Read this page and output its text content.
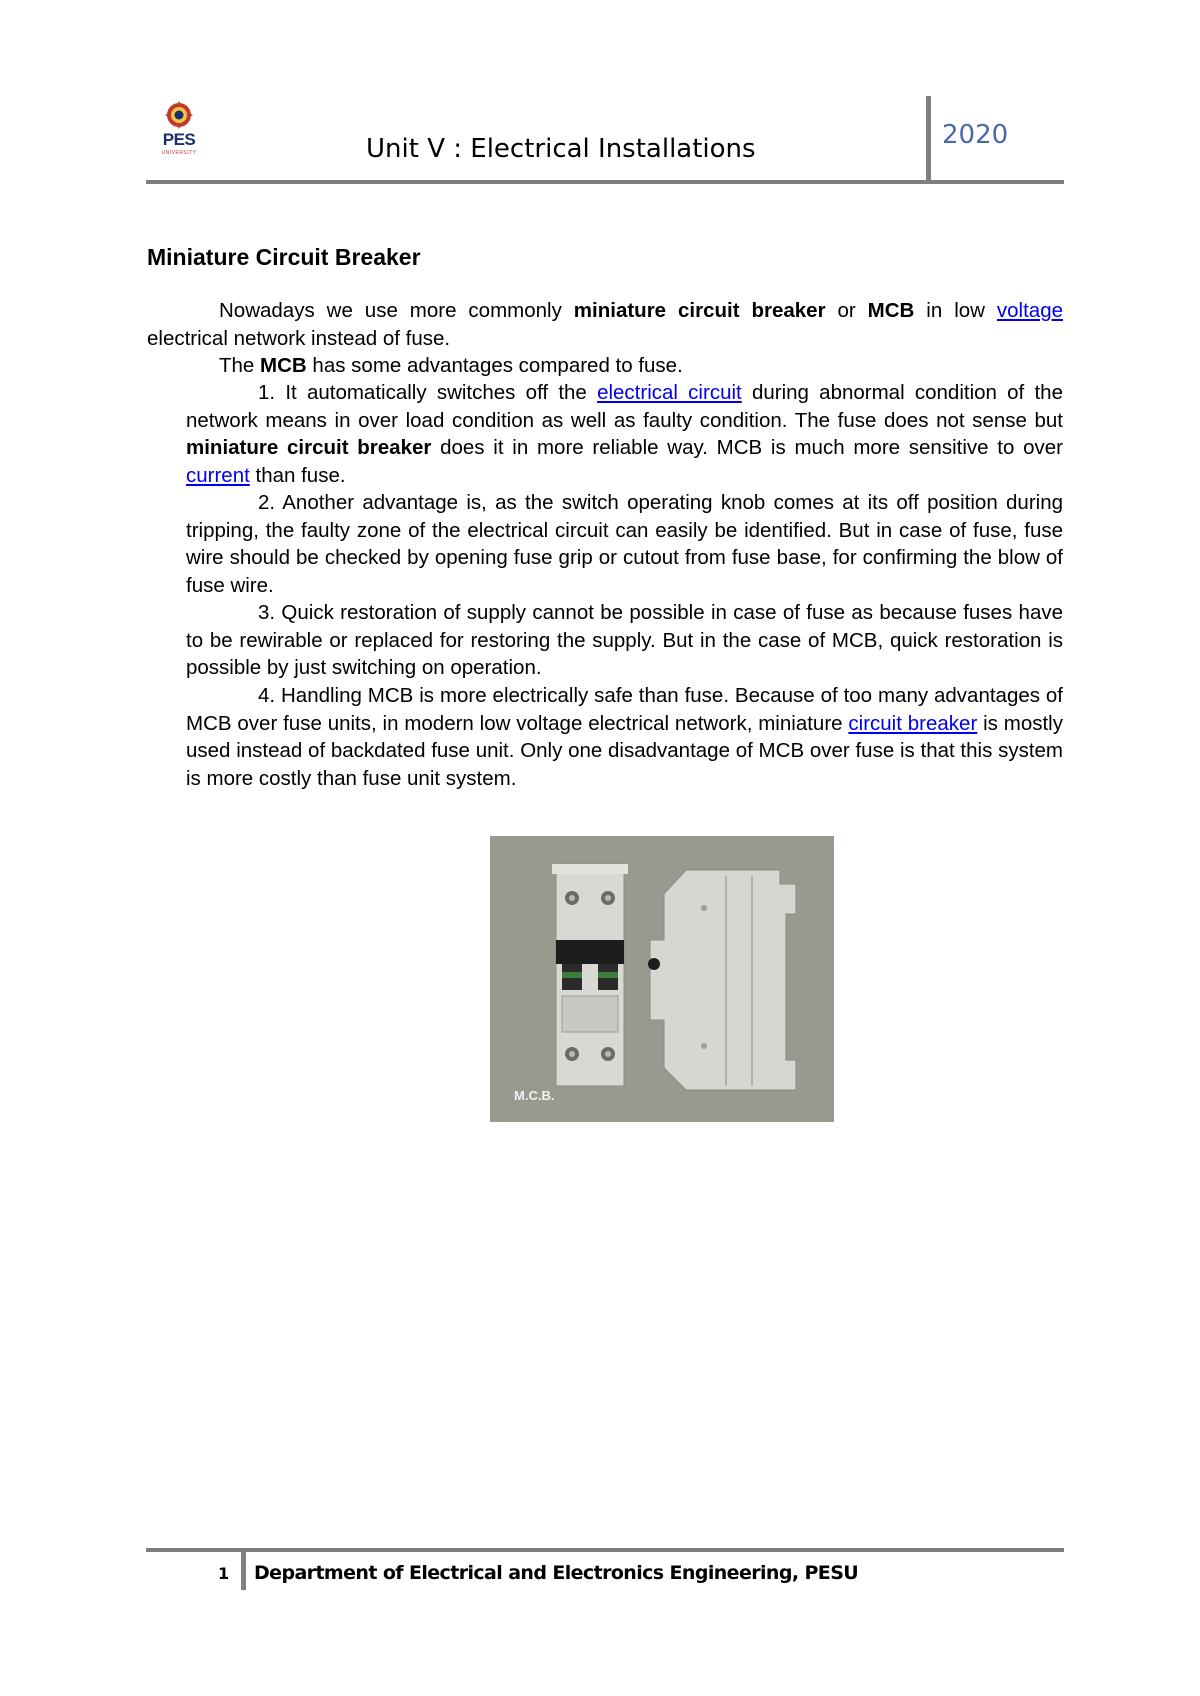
PES
UNIVERSITY	Unit V : Electrical Installations	2020
Miniature Circuit Breaker
Nowadays we use more commonly miniature circuit breaker or MCB in low voltage electrical network instead of fuse.
The MCB has some advantages compared to fuse.
1. It automatically switches off the electrical circuit during abnormal condition of the network means in over load condition as well as faulty condition. The fuse does not sense but miniature circuit breaker does it in more reliable way. MCB is much more sensitive to over current than fuse.
2. Another advantage is, as the switch operating knob comes at its off position during tripping, the faulty zone of the electrical circuit can easily be identified. But in case of fuse, fuse wire should be checked by opening fuse grip or cutout from fuse base, for confirming the blow of fuse wire.
3. Quick restoration of supply cannot be possible in case of fuse as because fuses have to be rewirable or replaced for restoring the supply. But in the case of MCB, quick restoration is possible by just switching on operation.
4. Handling MCB is more electrically safe than fuse. Because of too many advantages of MCB over fuse units, in modern low voltage electrical network, miniature circuit breaker is mostly used instead of backdated fuse unit. Only one disadvantage of MCB over fuse is that this system is more costly than fuse unit system.
M.C.B.
1 Department of Electrical and Electronics Engineering, PESU
